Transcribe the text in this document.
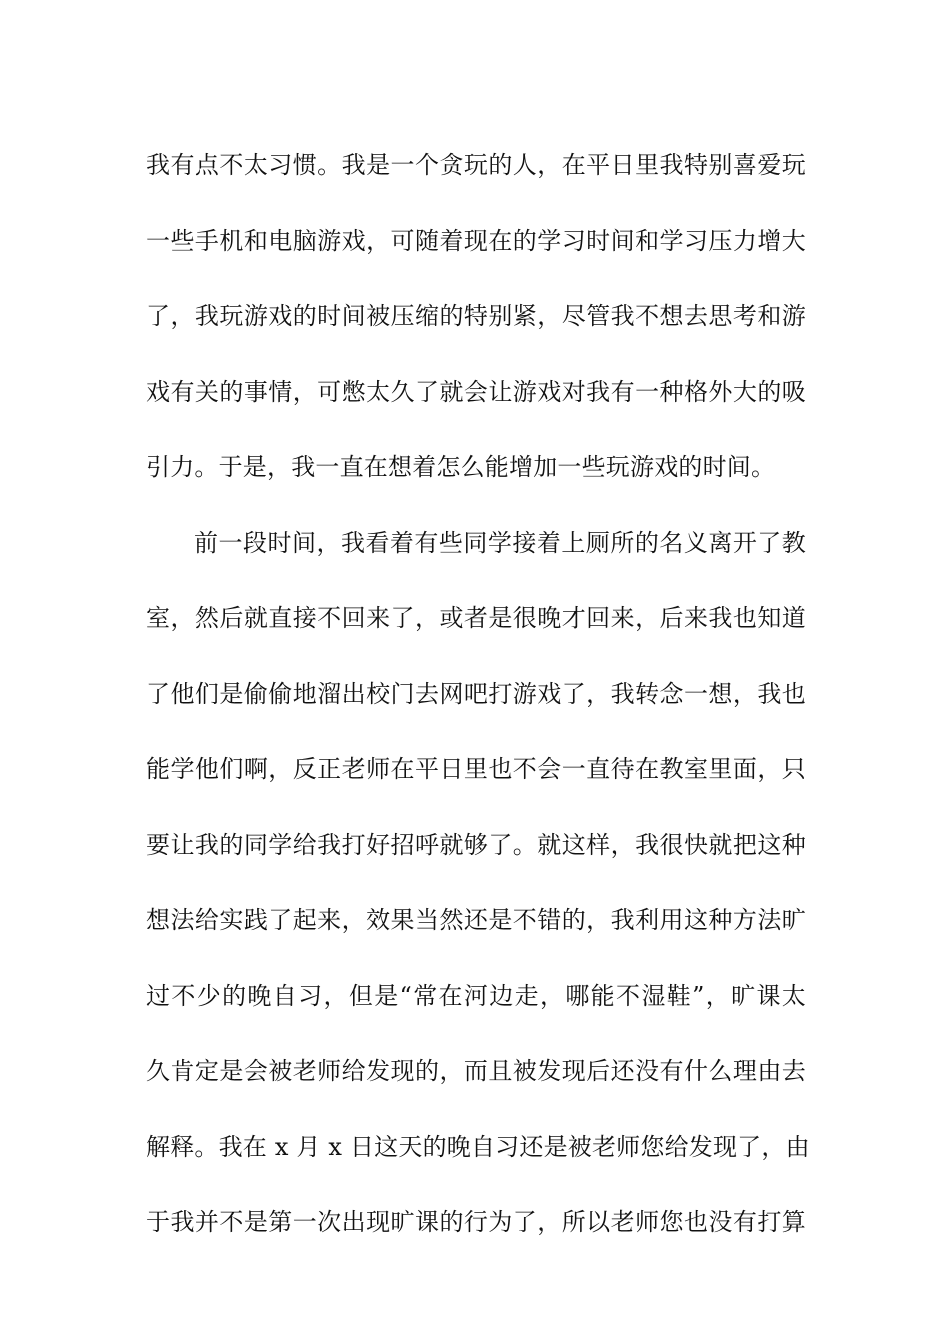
我有点不太习惯。我是一个贪玩的人，在平日里我特别喜爱玩
一些手机和电脑游戏，可随着现在的学习时间和学习压力增大
了，我玩游戏的时间被压缩的特别紧，尽管我不想去思考和游
戏有关的事情，可憋太久了就会让游戏对我有一种格外大的吸
引力。于是，我一直在想着怎么能增加一些玩游戏的时间。
前一段时间，我看着有些同学接着上厕所的名义离开了教
室，然后就直接不回来了，或者是很晚才回来，后来我也知道
了他们是偷偷地溜出校门去网吧打游戏了，我转念一想，我也
能学他们啊，反正老师在平日里也不会一直待在教室里面，只
要让我的同学给我打好招呼就够了。就这样，我很快就把这种
想法给实践了起来，效果当然还是不错的，我利用这种方法旷
过不少的晚自习，但是“常在河边走，哪能不湿鞋”，旷课太
久肯定是会被老师给发现的，而且被发现后还没有什么理由去
解释。我在 x 月 x 日这天的晚自习还是被老师您给发现了，由
于我并不是第一次出现旷课的行为了，所以老师您也没有打算
